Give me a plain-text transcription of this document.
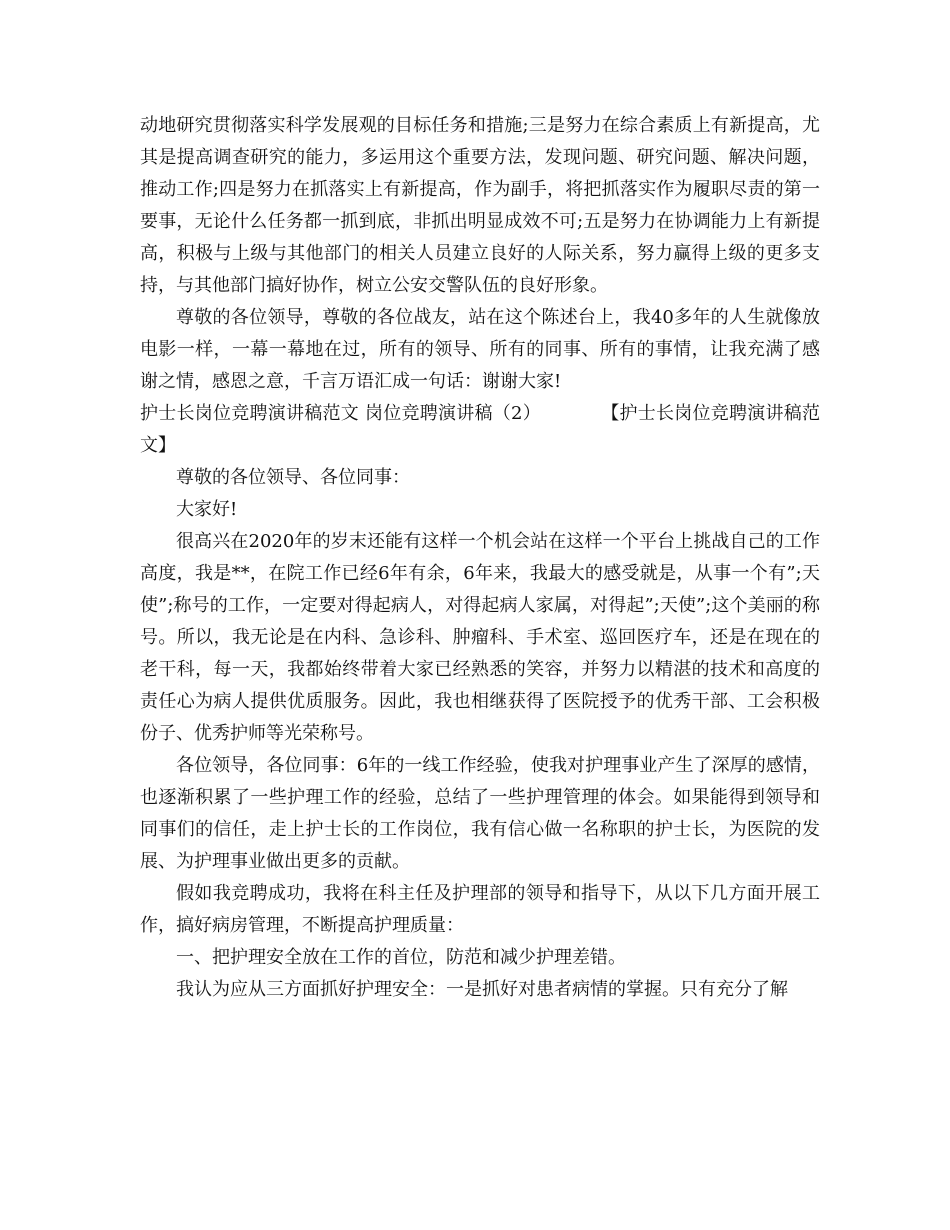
动地研究贯彻落实科学发展观的目标任务和措施;三是努力在综合素质上有新提高，尤其是提高调查研究的能力，多运用这个重要方法，发现问题、研究问题、解决问题，推动工作;四是努力在抓落实上有新提高，作为副手，将把抓落实作为履职尽责的第一要事，无论什么任务都一抓到底，非抓出明显成效不可;五是努力在协调能力上有新提高，积极与上级与其他部门的相关人员建立良好的人际关系，努力赢得上级的更多支持，与其他部门搞好协作，树立公安交警队伍的良好形象。

尊敬的各位领导，尊敬的各位战友，站在这个陈述台上，我40多年的人生就像放电影一样，一幕一幕地在过，所有的领导、所有的同事、所有的事情，让我充满了感谢之情，感恩之意，千言万语汇成一句话：谢谢大家!

护士长岗位竞聘演讲稿范文 岗位竞聘演讲稿（2）	【护士长岗位竞聘演讲稿范文】

尊敬的各位领导、各位同事：

大家好!

很高兴在2020年的岁末还能有这样一个机会站在这样一个平台上挑战自己的工作高度，我是**，在院工作已经6年有余，6年来，我最大的感受就是，从事一个有”;天使”;称号的工作，一定要对得起病人，对得起病人家属，对得起”;天使”;这个美丽的称号。所以，我无论是在内科、急诊科、肿瘤科、手术室、巡回医疗车，还是在现在的老干科，每一天，我都始终带着大家已经熟悉的笑容，并努力以精湛的技术和高度的责任心为病人提供优质服务。因此，我也相继获得了医院授予的优秀干部、工会积极份子、优秀护师等光荣称号。

各位领导，各位同事：6年的一线工作经验，使我对护理事业产生了深厚的感情，也逐渐积累了一些护理工作的经验，总结了一些护理管理的体会。如果能得到领导和同事们的信任，走上护士长的工作岗位，我有信心做一名称职的护士长，为医院的发展、为护理事业做出更多的贡献。

假如我竞聘成功，我将在科主任及护理部的领导和指导下，从以下几方面开展工作，搞好病房管理，不断提高护理质量：

一、把护理安全放在工作的首位，防范和减少护理差错。

我认为应从三方面抓好护理安全：一是抓好对患者病情的掌握。只有充分了解
